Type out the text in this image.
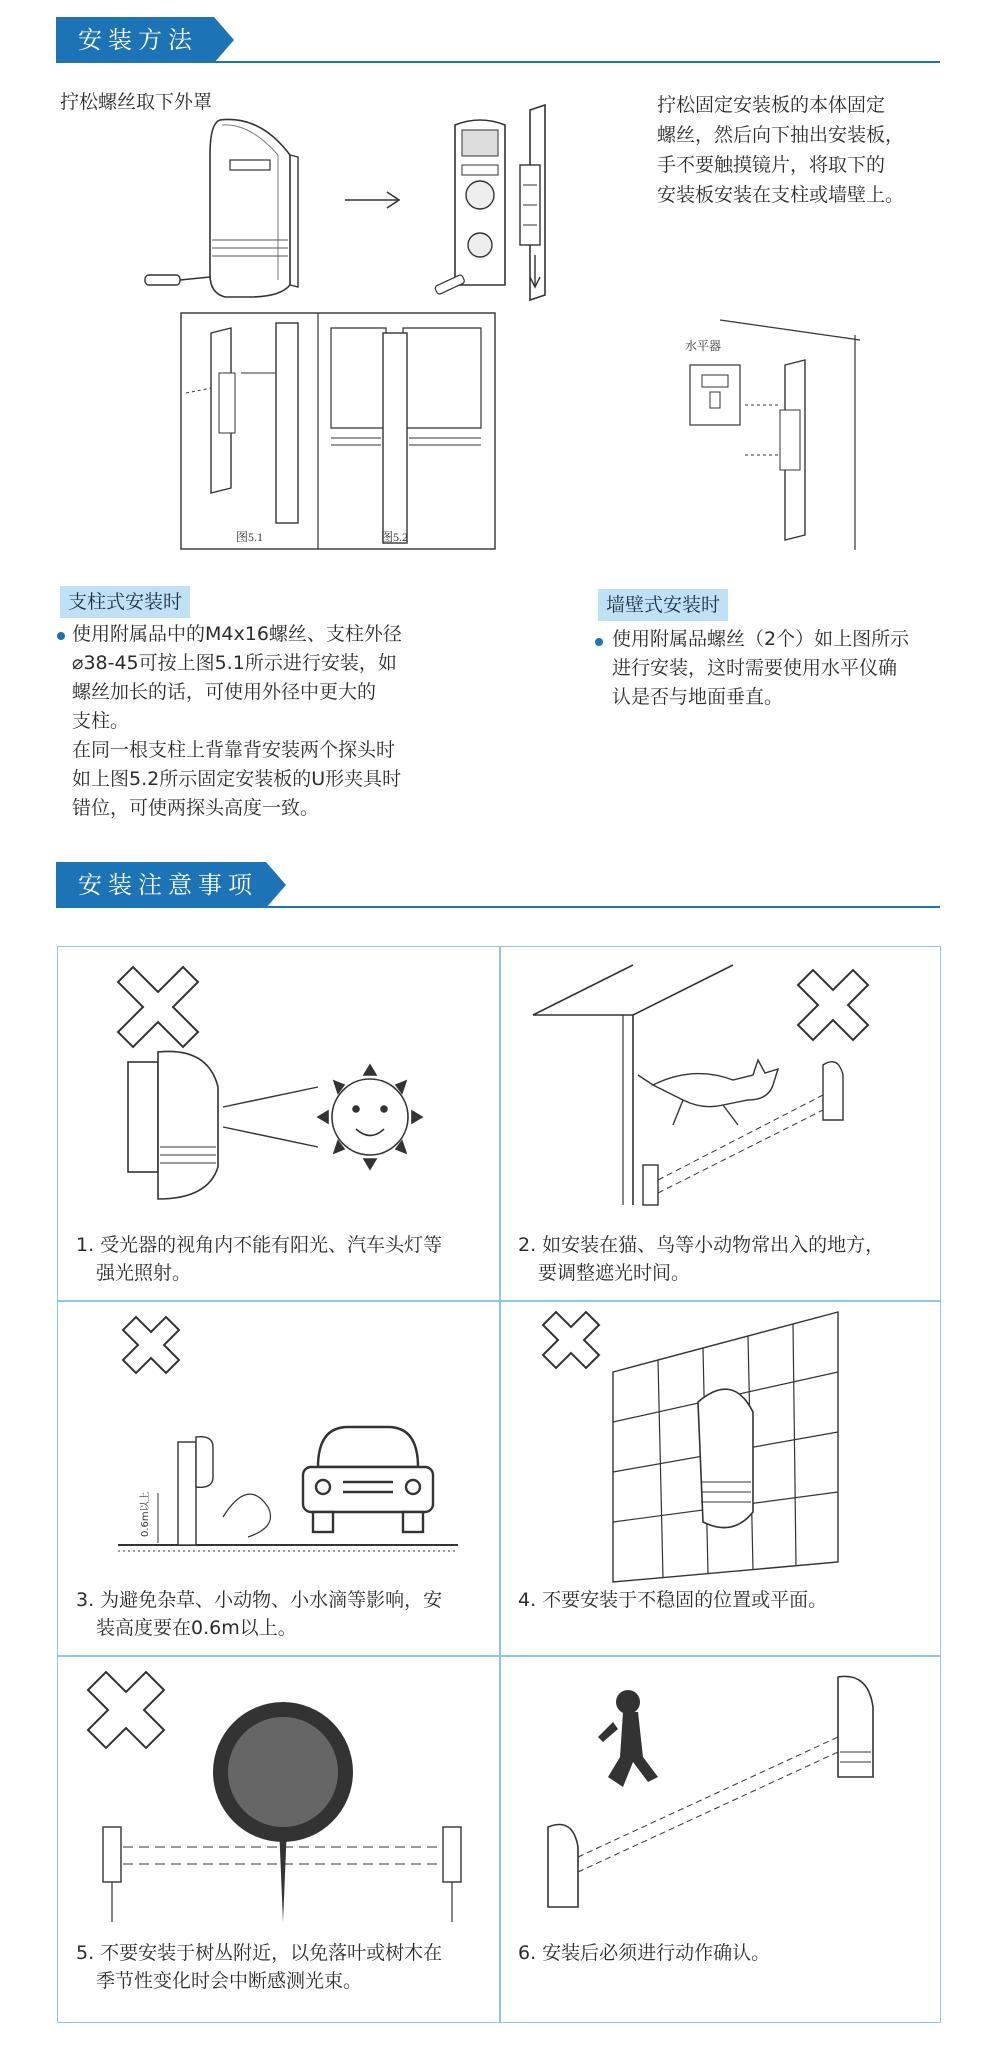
安装方法
拧松螺丝取下外罩	拧松固定安装板的本体固定
螺丝，然后向下抽出安装板，
手不要触摸镜片，将取下的
安装板安装在支柱或墙壁上。
图5.1	图5.2
水平器
支柱式安装时
使用附属品中的M4x16螺丝、支柱外径
⌀38-45可按上图5.1所示进行安装，如
螺丝加长的话，可使用外径中更大的
支柱。
在同一根支柱上背靠背安装两个探头时
如上图5.2所示固定安装板的U形夹具时
错位，可使两探头高度一致。
墙壁式安装时
使用附属品螺丝（2个）如上图所示
进行安装，这时需要使用水平仪确
认是否与地面垂直。
安装注意事项
1. 受光器的视角内不能有阳光、汽车头灯等
强光照射。
2. 如安装在猫、鸟等小动物常出入的地方，
要调整遮光时间。
0.6m以上
3. 为避免杂草、小动物、小水滴等影响，安
装高度要在0.6m以上。
4. 不要安装于不稳固的位置或平面。
5. 不要安装于树丛附近，以免落叶或树木在
季节性变化时会中断感测光束。
6. 安装后必须进行动作确认。
